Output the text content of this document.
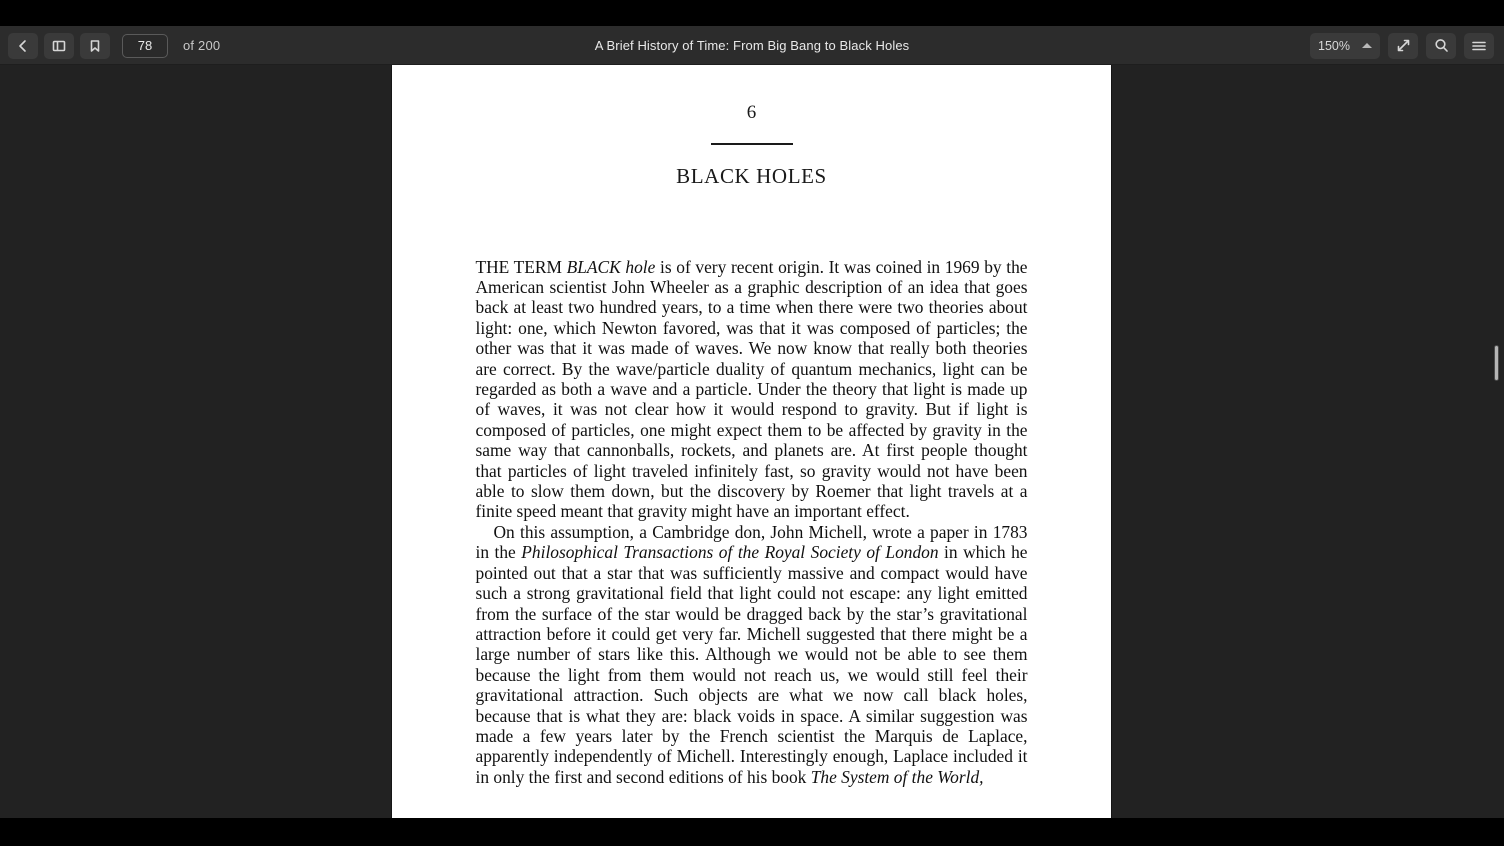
78
of 200	A Brief History of Time: From Big Bang to Black Holes	150%
6
BLACK HOLES

THE TERM BLACK hole is of very recent origin. It was coined in 1969 by the American scientist John Wheeler as a graphic description of an idea that goes back at least two hundred years, to a time when there were two theories about light: one, which Newton favored, was that it was composed of particles; the other was that it was made of waves. We now know that really both theories are correct. By the wave/particle duality of quantum mechanics, light can be regarded as both a wave and a particle. Under the theory that light is made up of waves, it was not clear how it would respond to gravity. But if light is composed of particles, one might expect them to be affected by gravity in the same way that cannonballs, rockets, and planets are. At first people thought that particles of light traveled infinitely fast, so gravity would not have been able to slow them down, but the discovery by Roemer that light travels at a finite speed meant that gravity might have an important effect.

On this assumption, a Cambridge don, John Michell, wrote a paper in 1783 in the Philosophical Transactions of the Royal Society of London in which he pointed out that a star that was sufficiently massive and compact would have such a strong gravitational field that light could not escape: any light emitted from the surface of the star would be dragged back by the star’s gravitational attraction before it could get very far. Michell suggested that there might be a large number of stars like this. Although we would not be able to see them because the light from them would not reach us, we would still feel their gravitational attraction. Such objects are what we now call black holes, because that is what they are: black voids in space. A similar suggestion was made a few years later by the French scientist the Marquis de Laplace, apparently independently of Michell. Interestingly enough, Laplace included it in only the first and second editions of his book The System of the World,
